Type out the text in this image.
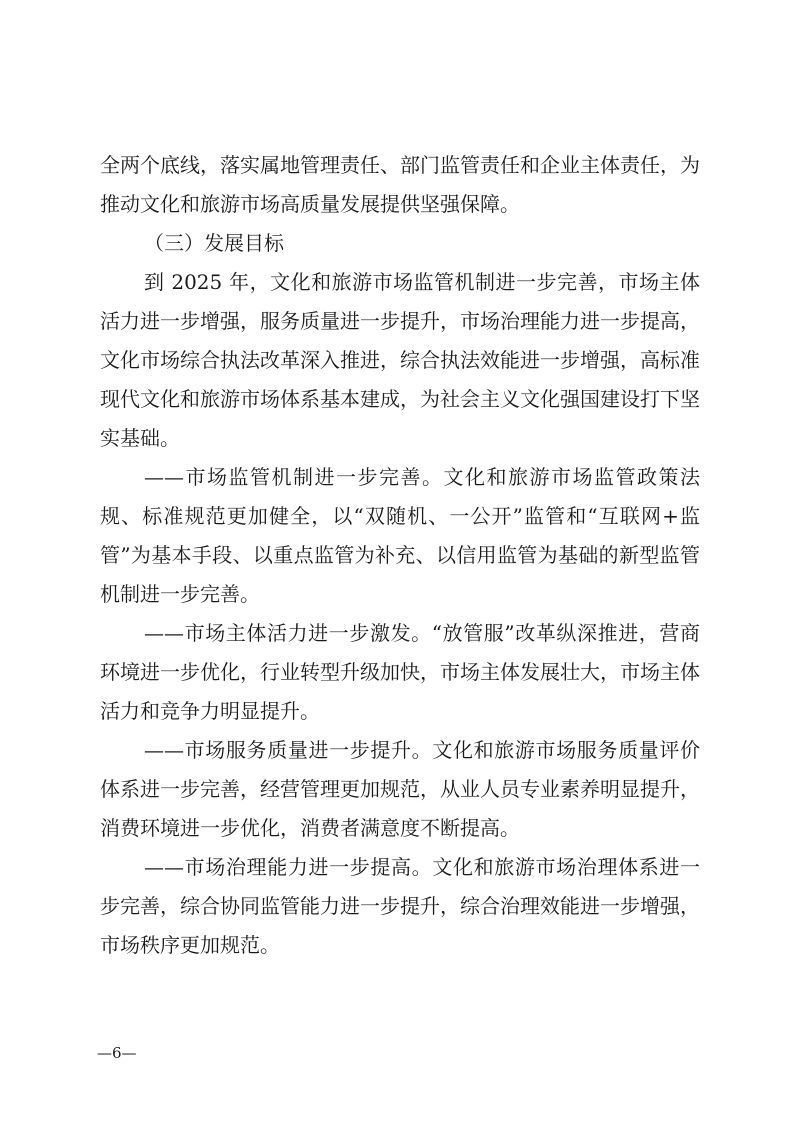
全两个底线，落实属地管理责任、部门监管责任和企业主体责任，为推动文化和旅游市场高质量发展提供坚强保障。

（三）发展目标

到 2025 年，文化和旅游市场监管机制进一步完善，市场主体活力进一步增强，服务质量进一步提升，市场治理能力进一步提高，文化市场综合执法改革深入推进，综合执法效能进一步增强，高标准现代文化和旅游市场体系基本建成，为社会主义文化强国建设打下坚实基础。

——市场监管机制进一步完善。文化和旅游市场监管政策法规、标准规范更加健全，以“双随机、一公开”监管和“互联网+监管”为基本手段、以重点监管为补充、以信用监管为基础的新型监管机制进一步完善。

——市场主体活力进一步激发。“放管服”改革纵深推进，营商环境进一步优化，行业转型升级加快，市场主体发展壮大，市场主体活力和竞争力明显提升。

——市场服务质量进一步提升。文化和旅游市场服务质量评价体系进一步完善，经营管理更加规范，从业人员专业素养明显提升，消费环境进一步优化，消费者满意度不断提高。

——市场治理能力进一步提高。文化和旅游市场治理体系进一步完善，综合协同监管能力进一步提升，综合治理效能进一步增强，市场秩序更加规范。

—6—
